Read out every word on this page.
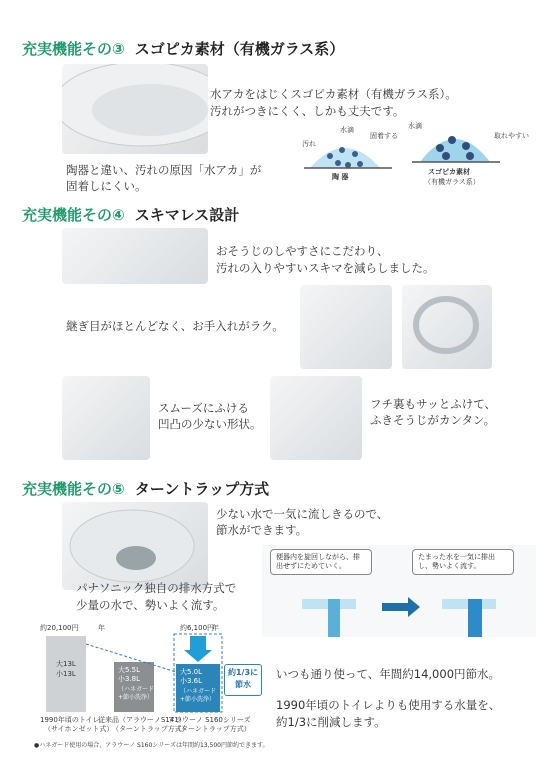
充実機能その③ スゴピカ素材（有機ガラス系）
水アカをはじくスゴピカ素材（有機ガラス系）。
汚れがつきにくく、しかも丈夫です。
陶器と違い、汚れの原因「水アカ」が
固着しにくい。
汚れ
水滴
固着する
陶 器
水滴
取れやすい
スゴピカ素材
（有機ガラス系）
充実機能その④ スキマレス設計
おそうじのしやすさにこだわり、
汚れの入りやすいスキマを減らしました。
継ぎ目がほとんどなく、お手入れがラク。
スムーズにふける
凹凸の少ない形状。
フチ裏もサッとふけて、
ふきそうじがカンタン。
充実機能その⑤ ターントラップ方式
少ない水で一気に流しきるので、
節水ができます。
パナソニック独自の排水方式で
少量の水で、勢いよく流す。
便器内を旋回しながら、排出せずにためていく。
たまった水を一気に排出し、勢いよく流す。
約20,100円	年	約6,100円
年
大13L
小13L	大5.5L
小3.8L
（ハネガード
+節小洗浄）
大5.0L
小3.6L
（ハネガード
+節小洗浄）
1990年頃のトイレ
（サイホンゼット式）
従来品（アラウーノS141）
（ターントラップ方式）
アラウーノ S160シリーズ
（ターントラップ方式）
約1/3に
節水
●ハネガード使用の場合、アラウーノ S160シリーズは年間約13,500円節約できます。
いつも通り使って、年間約14,000円節水。
1990年頃のトイレよりも使用する水量を、
約1/3に削減します。
